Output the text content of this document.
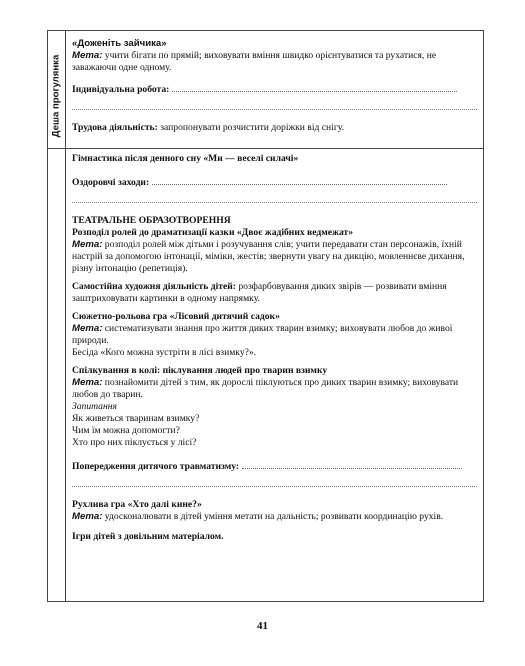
Деша прогулянка

«Доженіть зайчика»

Мета: учити бігати по прямій; виховувати вміння швидко орієнтуватися та рухатися, не заважаючи одне одному.

Індивідуальна робота:

Трудова діяльність: запропонувати розчистити доріжки від снігу.

Гімнастика після денного сну «Ми — веселі силачі»

Оздоровчі заходи:

ТЕАТРАЛЬНЕ ОБРАЗОТВОРЕННЯ

Розподіл ролей до драматизації казки «Двоє жадібних ведмежат»

Мета: розподіл ролей між дітьми і розучування слів; учити передавати стан персонажів, їхній настрій за допомогою інтонації, міміки, жестів; звернути увагу на дикцію, мовленнєве дихання, різну інтонацію (репетиція).

Самостійна художня діяльність дітей: розфарбовування диких звірів — розвивати вміння заштриховувати картинки в одному напрямку.

Сюжетно-рольова гра «Лісовий дитячий садок»

Мета: систематизувати знання про життя диких тварин взимку; виховувати любов до живої природи.

Бесіда «Кого можна зустріти в лісі взимку?».

Спілкування в колі: піклування людей про тварин взимку

Мета: познайомити дітей з тим, як дорослі піклуються про диких тварин взимку; виховувати любов до тварин.

Запитання

Як живеться тваринам взимку?

Чим їм можна допомогти?

Хто про них піклується у лісі?

Попередження дитячого травматизму:

Рухлива гра «Хто далі кине?»

Мета: удосконалювати в дітей уміння метати на дальність; розвивати координацію рухів.

Ігри дітей з довільним матеріалом.

41
